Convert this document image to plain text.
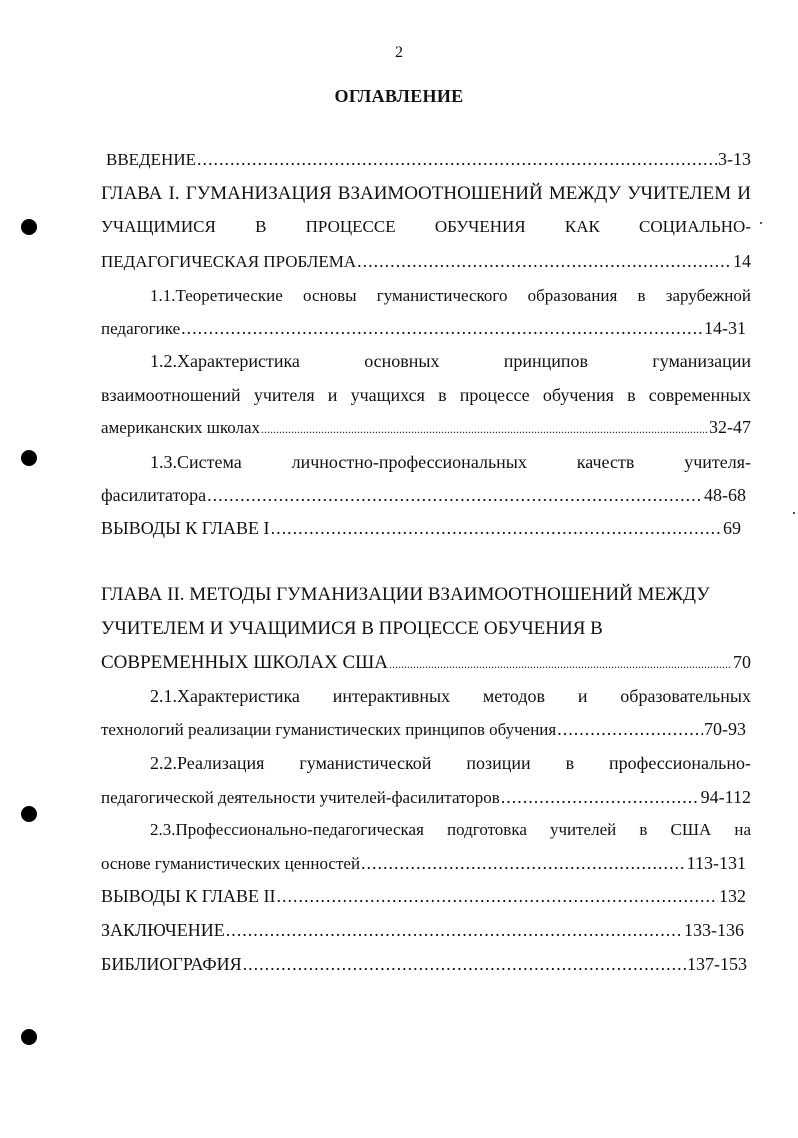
2
ОГЛАВЛЕНИЕ
ВВЕДЕНИЕ .....	3-13
ГЛАВА I. ГУМАНИЗАЦИЯ ВЗАИМООТНОШЕНИЙ МЕЖДУ УЧИТЕЛЕМ И
УЧАЩИМИСЯ В ПРОЦЕССЕ ОБУЧЕНИЯ КАК СОЦИАЛЬНО-
ПЕДАГОГИЧЕСКАЯ ПРОБЛЕМА .....	14
1.1.Теоретические основы гуманистического образования в зарубежной
педагогике .....	14-31
1.2.Характеристика основных принципов гуманизации
взаимоотношений учителя и учащихся в процессе обучения в современных
американских школах .....	32-47
1.3.Система личностно-профессиональных качеств учителя-
фасилитатора .....	48-68
ВЫВОДЫ К ГЛАВЕ I .....	69
ГЛАВА II. МЕТОДЫ ГУМАНИЗАЦИИ ВЗАИМООТНОШЕНИЙ МЕЖДУ
УЧИТЕЛЕМ И УЧАЩИМИСЯ В ПРОЦЕССЕ ОБУЧЕНИЯ В
СОВРЕМЕННЫХ ШКОЛАХ США .....	70
2.1.Характеристика интерактивных методов и образовательных
технологий реализации гуманистических принципов обучения .....	70-93
2.2.Реализация гуманистической позиции в профессионально-
педагогической деятельности учителей-фасилитаторов .....	94-112
2.3.Профессионально-педагогическая подготовка учителей в США на
основе гуманистических ценностей .....	113-131
ВЫВОДЫ К ГЛАВЕ II .....	132
ЗАКЛЮЧЕНИЕ .....	133-136
БИБЛИОГРАФИЯ .....	137-153
